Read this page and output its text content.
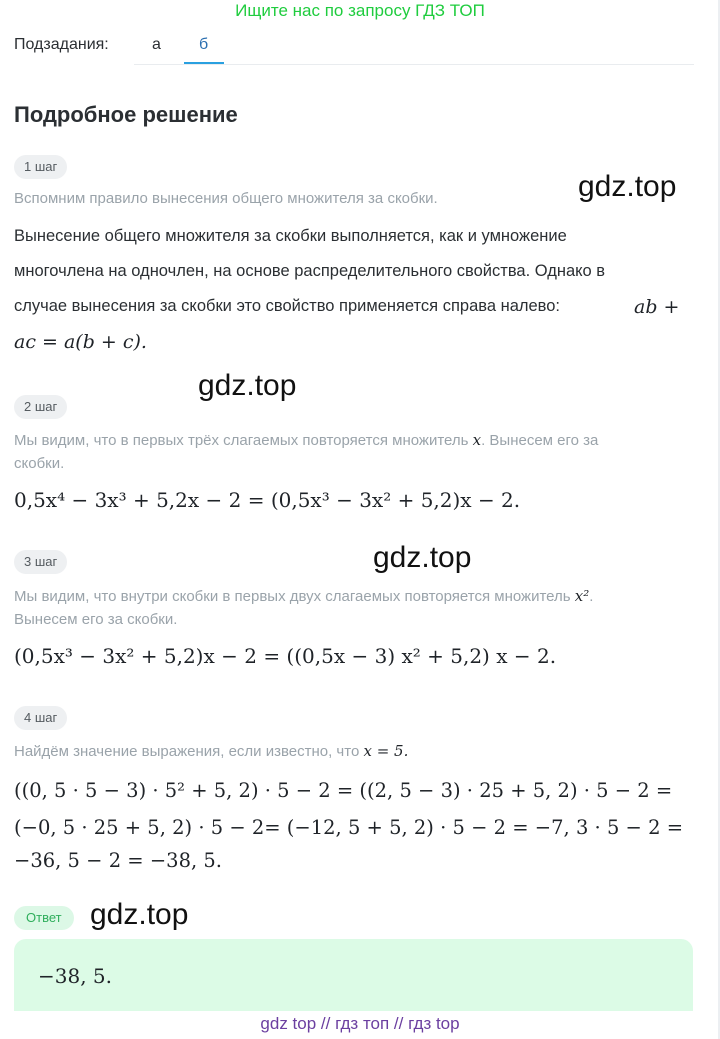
Ищите нас по запросу ГДЗ ТОП
Подзадания:	а б
Подробное решение
1 шаг
Вспомним правило вынесения общего множителя за скобки.	gdz.top
Вынесение общего множителя за скобки выполняется, как и умножение
многочлена на одночлен, на основе распределительного свойства. Однако в
случае вынесения за скобки это свойство применяется справа налево:	ab +
ac = a(b + c).
gdz.top
2 шаг
Мы видим, что в первых трёх слагаемых повторяется множитель x. Вынесем его за
скобки.
0,5x⁴ − 3x³ + 5,2x − 2 = (0,5x³ − 3x² + 5,2)x − 2.
gdz.top
3 шаг
Мы видим, что внутри скобки в первых двух слагаемых повторяется множитель x².
Вынесем его за скобки.
(0,5x³ − 3x² + 5,2)x − 2 = ((0,5x − 3) x² + 5,2) x − 2.
4 шаг
Найдём значение выражения, если известно, что x = 5.
((0, 5 · 5 − 3) · 5² + 5, 2) · 5 − 2 = ((2, 5 − 3) · 25 + 5, 2) · 5 − 2 =
(−0, 5 · 25 + 5, 2) · 5 − 2= (−12, 5 + 5, 2) · 5 − 2 = −7, 3 · 5 − 2 =
−36, 5 − 2 = −38, 5.
Ответ gdz.top
−38, 5.
gdz top // гдз топ // гдз top
